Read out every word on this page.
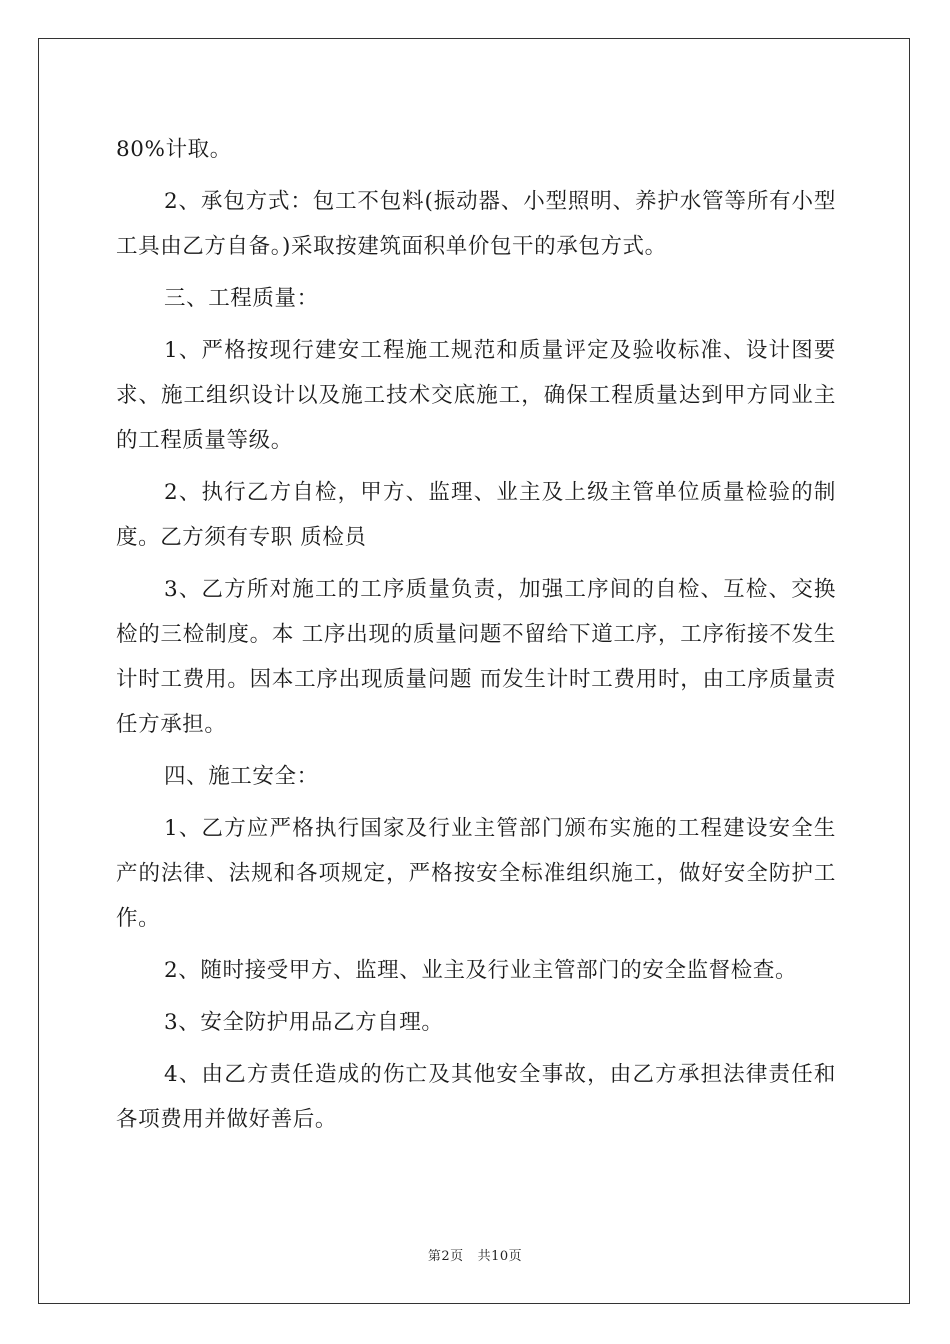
80%计取。

2、承包方式：包工不包料(振动器、小型照明、养护水管等所有小型工具由乙方自备。)采取按建筑面积单价包干的承包方式。

三、工程质量：

1、严格按现行建安工程施工规范和质量评定及验收标准、设计图要求、施工组织设计以及施工技术交底施工，确保工程质量达到甲方同业主的工程质量等级。

2、执行乙方自检，甲方、监理、业主及上级主管单位质量检验的制度。乙方须有专职 质检员

3、乙方所对施工的工序质量负责，加强工序间的自检、互检、交换检的三检制度。本 工序出现的质量问题不留给下道工序，工序衔接不发生计时工费用。因本工序出现质量问题 而发生计时工费用时，由工序质量责任方承担。

四、施工安全：

1、乙方应严格执行国家及行业主管部门颁布实施的工程建设安全生产的法律、法规和各项规定，严格按安全标准组织施工，做好安全防护工作。

2、随时接受甲方、监理、业主及行业主管部门的安全监督检查。

3、安全防护用品乙方自理。

4、由乙方责任造成的伤亡及其他安全事故，由乙方承担法律责任和各项费用并做好善后。

第2页 共10页
